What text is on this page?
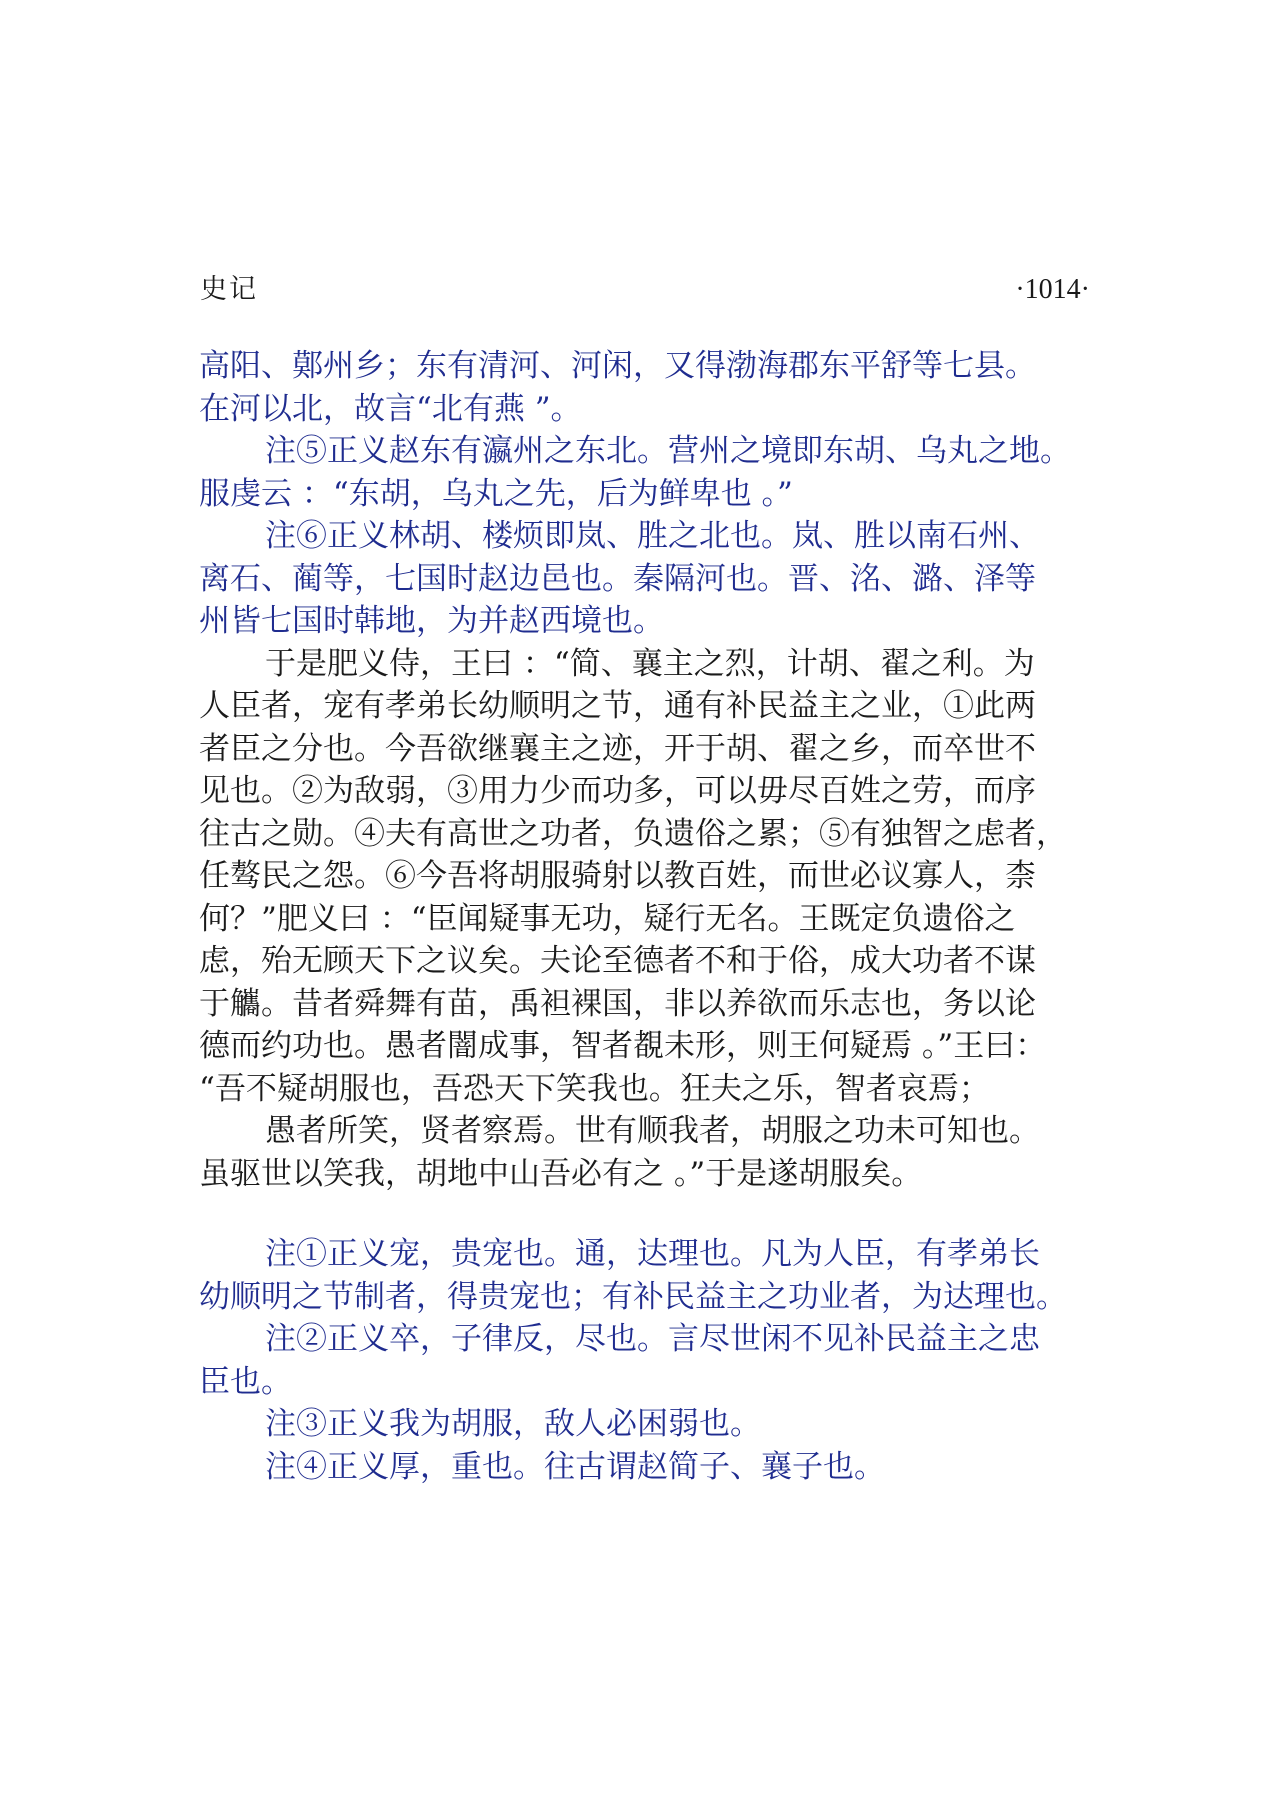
史记	·1014·
高阳、鄚州乡；东有清河、河闲，又得渤海郡东平舒等七县。
在河以北，故言“北有燕 ”。
注⑤正义赵东有瀛州之东北。营州之境即东胡、乌丸之地。
服虔云 ：“东胡，乌丸之先，后为鲜卑也 。”
注⑥正义林胡、楼烦即岚、胜之北也。岚、胜以南石州、
离石、蔺等，七国时赵边邑也。秦隔河也。晋、洺、潞、泽等
州皆七国时韩地，为并赵西境也。
于是肥义侍，王曰 ：“简、襄主之烈，计胡、翟之利。为
人臣者，宠有孝弟长幼顺明之节，通有补民益主之业，①此两
者臣之分也。今吾欲继襄主之迹，开于胡、翟之乡，而卒世不
见也。②为敌弱，③用力少而功多，可以毋尽百姓之劳，而序
往古之勋。④夫有高世之功者，负遗俗之累；⑤有独智之虑者，
任骜民之怨。⑥今吾将胡服骑射以教百姓，而世必议寡人，柰
何？”肥义曰 ：“臣闻疑事无功，疑行无名。王既定负遗俗之
虑，殆无顾天下之议矣。夫论至德者不和于俗，成大功者不谋
于觿。昔者舜舞有苗，禹袒裸国，非以养欲而乐志也，务以论
德而约功也。愚者闇成事，智者覩未形，则王何疑焉 。”王曰：
“吾不疑胡服也，吾恐天下笑我也。狂夫之乐，智者哀焉；
愚者所笑，贤者察焉。世有顺我者，胡服之功未可知也。
虽驱世以笑我，胡地中山吾必有之 。”于是遂胡服矣。
注①正义宠，贵宠也。通，达理也。凡为人臣，有孝弟长
幼顺明之节制者，得贵宠也；有补民益主之功业者，为达理也。
注②正义卒，子律反，尽也。言尽世闲不见补民益主之忠
臣也。
注③正义我为胡服，敌人必困弱也。
注④正义厚，重也。往古谓赵简子、襄子也。
